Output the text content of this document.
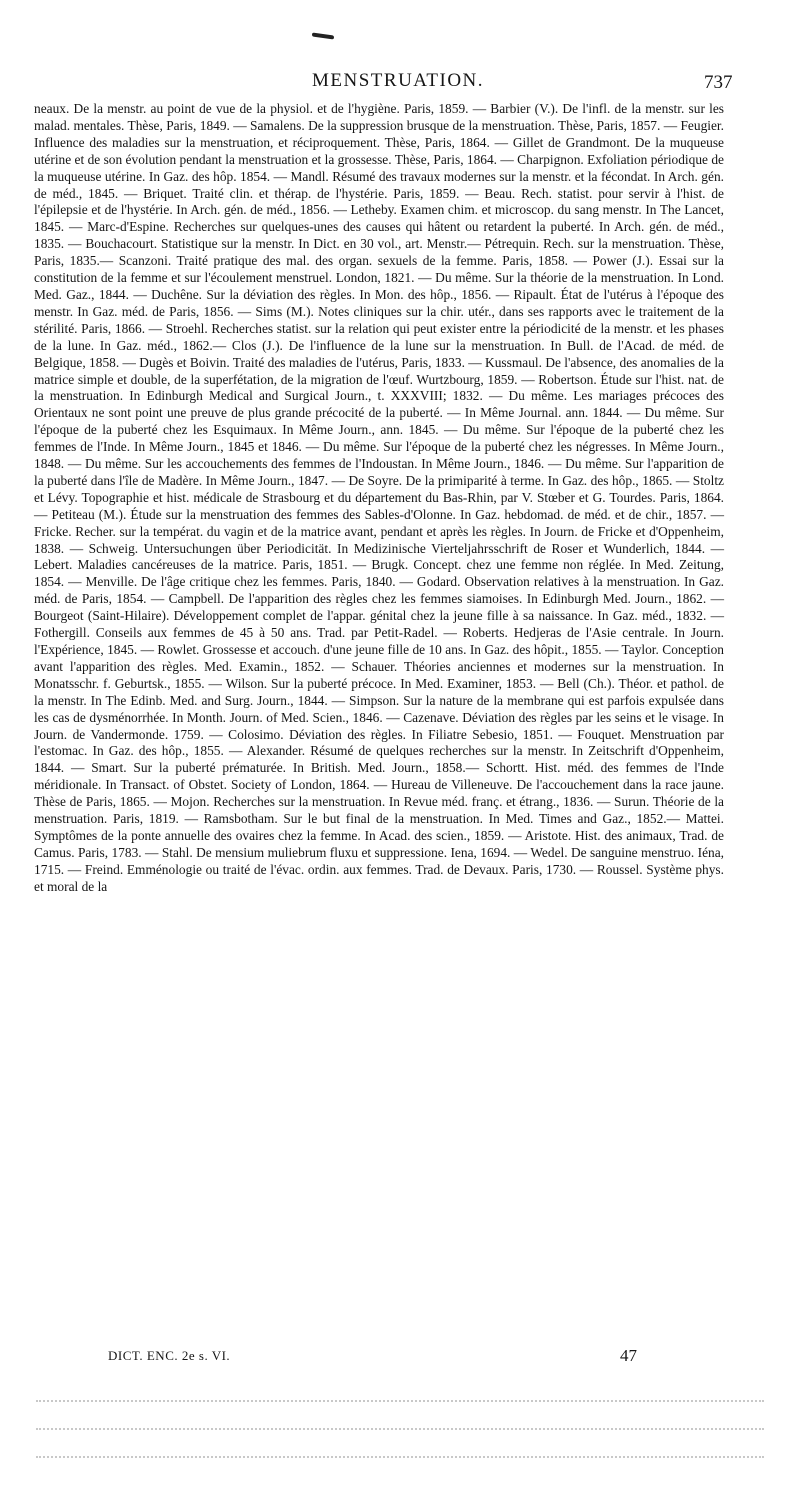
MENSTRUATION.	737

neaux. De la menstr. au point de vue de la physiol. et de l'hygiène. Paris, 1859. — Barbier (V.). De l'infl. de la menstr. sur les malad. mentales. Thèse, Paris, 1849. — Samalens. De la suppression brusque de la menstruation. Thèse, Paris, 1857. — Feugier. Influence des maladies sur la menstruation, et réciproquement. Thèse, Paris, 1864. — Gillet de Grandmont. De la muqueuse utérine et de son évolution pendant la menstruation et la grossesse. Thèse, Paris, 1864. — Charpignon. Exfoliation périodique de la muqueuse utérine. In Gaz. des hôp. 1854. — Mandl. Résumé des travaux modernes sur la menstr. et la fécondat. In Arch. gén. de méd., 1845. — Briquet. Traité clin. et thérap. de l'hystérie. Paris, 1859. — Beau. Rech. statist. pour servir à l'hist. de l'épilepsie et de l'hystérie. In Arch. gén. de méd., 1856. — Letheby. Examen chim. et microscop. du sang menstr. In The Lancet, 1845. — Marc-d'Espine. Recherches sur quelques-unes des causes qui hâtent ou retardent la puberté. In Arch. gén. de méd., 1835. — Bouchacourt. Statistique sur la menstr. In Dict. en 30 vol., art. Menstr.— Pétrequin. Rech. sur la menstruation. Thèse, Paris, 1835.— Scanzoni. Traité pratique des mal. des organ. sexuels de la femme. Paris, 1858. — Power (J.). Essai sur la constitution de la femme et sur l'écoulement menstruel. London, 1821. — Du même. Sur la théorie de la menstruation. In Lond. Med. Gaz., 1844. — Duchêne. Sur la déviation des règles. In Mon. des hôp., 1856. — Ripault. État de l'utérus à l'époque des menstr. In Gaz. méd. de Paris, 1856. — Sims (M.). Notes cliniques sur la chir. utér., dans ses rapports avec le traitement de la stérilité. Paris, 1866. — Stroehl. Recherches statist. sur la relation qui peut exister entre la périodicité de la menstr. et les phases de la lune. In Gaz. méd., 1862.— Clos (J.). De l'influence de la lune sur la menstruation. In Bull. de l'Acad. de méd. de Belgique, 1858. — Dugès et Boivin. Traité des maladies de l'utérus, Paris, 1833. — Kussmaul. De l'absence, des anomalies de la matrice simple et double, de la superfétation, de la migration de l'œuf. Wurtzbourg, 1859. — Robertson. Étude sur l'hist. nat. de la menstruation. In Edinburgh Medical and Surgical Journ., t. XXXVIII; 1832. — Du même. Les mariages précoces des Orientaux ne sont point une preuve de plus grande précocité de la puberté. — In Même Journal. ann. 1844. — Du même. Sur l'époque de la puberté chez les Esquimaux. In Même Journ., ann. 1845. — Du même. Sur l'époque de la puberté chez les femmes de l'Inde. In Même Journ., 1845 et 1846. — Du même. Sur l'époque de la puberté chez les négresses. In Même Journ., 1848. — Du même. Sur les accouchements des femmes de l'Indoustan. In Même Journ., 1846. — Du même. Sur l'apparition de la puberté dans l'île de Madère. In Même Journ., 1847. — De Soyre. De la primiparité à terme. In Gaz. des hôp., 1865. — Stoltz et Lévy. Topographie et hist. médicale de Strasbourg et du département du Bas-Rhin, par V. Stœber et G. Tourdes. Paris, 1864. — Petiteau (M.). Étude sur la menstruation des femmes des Sables-d'Olonne. In Gaz. hebdomad. de méd. et de chir., 1857. — Fricke. Recher. sur la températ. du vagin et de la matrice avant, pendant et après les règles. In Journ. de Fricke et d'Oppenheim, 1838. — Schweig. Untersuchungen über Periodicität. In Medizinische Vierteljahrsschrift de Roser et Wunderlich, 1844. — Lebert. Maladies cancéreuses de la matrice. Paris, 1851. — Brugk. Concept. chez une femme non réglée. In Med. Zeitung, 1854. — Menville. De l'âge critique chez les femmes. Paris, 1840. — Godard. Observation relatives à la menstruation. In Gaz. méd. de Paris, 1854. — Campbell. De l'apparition des règles chez les femmes siamoises. In Edinburgh Med. Journ., 1862. — Bourgeot (Saint-Hilaire). Développement complet de l'appar. génital chez la jeune fille à sa naissance. In Gaz. méd., 1832. — Fothergill. Conseils aux femmes de 45 à 50 ans. Trad. par Petit-Radel. — Roberts. Hedjeras de l'Asie centrale. In Journ. l'Expérience, 1845. — Rowlet. Grossesse et accouch. d'une jeune fille de 10 ans. In Gaz. des hôpit., 1855. — Taylor. Conception avant l'apparition des règles. Med. Examin., 1852. — Schauer. Théories anciennes et modernes sur la menstruation. In Monatsschr. f. Geburtsk., 1855. — Wilson. Sur la puberté précoce. In Med. Examiner, 1853. — Bell (Ch.). Théor. et pathol. de la menstr. In The Edinb. Med. and Surg. Journ., 1844. — Simpson. Sur la nature de la membrane qui est parfois expulsée dans les cas de dysménorrhée. In Month. Journ. of Med. Scien., 1846. — Cazenave. Déviation des règles par les seins et le visage. In Journ. de Vandermonde. 1759. — Colosimo. Déviation des règles. In Filiatre Sebesio, 1851. — Fouquet. Menstruation par l'estomac. In Gaz. des hôp., 1855. — Alexander. Résumé de quelques recherches sur la menstr. In Zeitschrift d'Oppenheim, 1844. — Smart. Sur la puberté prématurée. In British. Med. Journ., 1858.— Schortt. Hist. méd. des femmes de l'Inde méridionale. In Transact. of Obstet. Society of London, 1864. — Hureau de Villeneuve. De l'accouchement dans la race jaune. Thèse de Paris, 1865. — Mojon. Recherches sur la menstruation. In Revue méd. franç. et étrang., 1836. — Surun. Théorie de la menstruation. Paris, 1819. — Ramsbotham. Sur le but final de la menstruation. In Med. Times and Gaz., 1852.— Mattei. Symptômes de la ponte annuelle des ovaires chez la femme. In Acad. des scien., 1859. — Aristote. Hist. des animaux, Trad. de Camus. Paris, 1783. — Stahl. De mensium muliebrum fluxu et suppressione. Iena, 1694. — Wedel. De sanguine menstruo. Iéna, 1715. — Freind. Emménologie ou traité de l'évac. ordin. aux femmes. Trad. de Devaux. Paris, 1730. — Roussel. Système phys. et moral de la

DICT. ENC. 2e s. VI.	47
